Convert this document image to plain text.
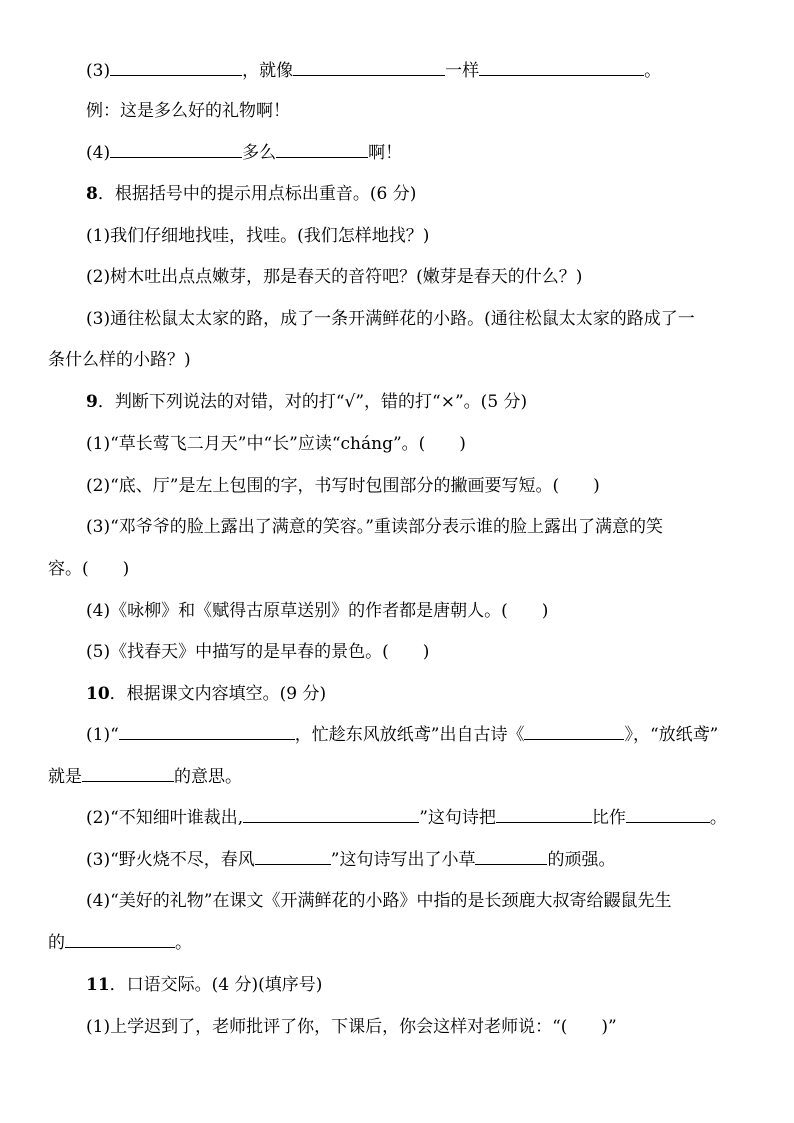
(3)	，就像	一样	。
例：这是多么好的礼物啊！
(4)	多么	啊！
8．根据括号中的提示用点标出重音。(6 分)
(1)我们仔细地找哇，找哇。(我们怎样地找？)
(2)树木吐出点点嫩芽，那是春天的音符吧？(嫩芽是春天的什么？)
(3)通往松鼠太太家的路，成了一条开满鲜花的小路。(通往松鼠太太家的路成了一
条什么样的小路？)
9．判断下列说法的对错，对的打“√”，错的打“×”。(5 分)
(1)“草长莺飞二月天”中“长”应读“cháng”。(　　)
(2)“底、厅”是左上包围的字，书写时包围部分的撇画要写短。(　　)
(3)“邓爷爷的脸上露出了满意的笑容。”重读部分表示谁的脸上露出了满意的笑
容。(　　)
(4)《咏柳》和《赋得古原草送别》的作者都是唐朝人。(　　)
(5)《找春天》中描写的是早春的景色。(　　)
10．根据课文内容填空。(9 分)
(1)“	，忙趁东风放纸鸢”出自古诗《	》，“放纸鸢”
就是	的意思。
(2)“不知细叶谁裁出,	”这句诗把	比作	。
(3)“野火烧不尽，春风	”这句诗写出了小草	的顽强。
(4)“美好的礼物”在课文《开满鲜花的小路》中指的是长颈鹿大叔寄给鼹鼠先生
的	。
11．口语交际。(4 分)(填序号)
(1)上学迟到了，老师批评了你，下课后，你会这样对老师说：“(　　)”
